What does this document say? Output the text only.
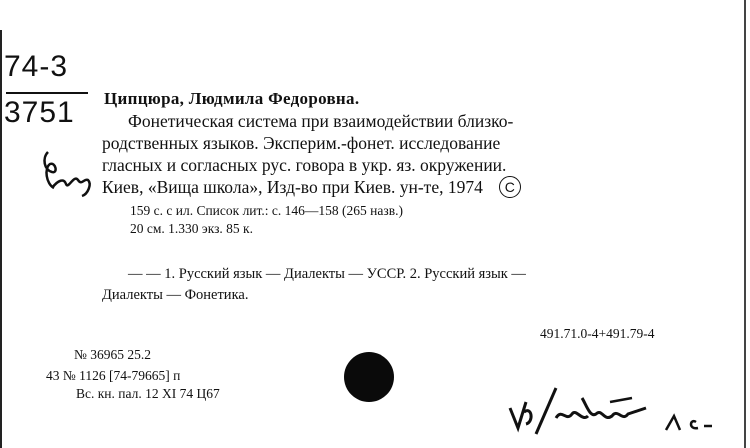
74-3
3751 Ципцюра, Людмила Федоровна.
Фонетическая система при взаимодействии близко-
родственных языков. Эксперим.-фонет. исследование
гласных и согласных рус. говора в укр. яз. окружении.
Киев, «Вища школа», Изд-во при Киев. ун-те, 1974 C
159 с. с ил. Список лит.: с. 146—158 (265 назв.)
20 см. 1.330 экз. 85 к.
— — 1. Русский язык — Диалекты — УССР. 2. Русский язык —
Диалекты — Фонетика.
491.71.0-4+491.79-4
№ 36965 25.2
43 № 1126 [74-79665] п
Вс. кн. пал. 12 XI 74 Ц67
